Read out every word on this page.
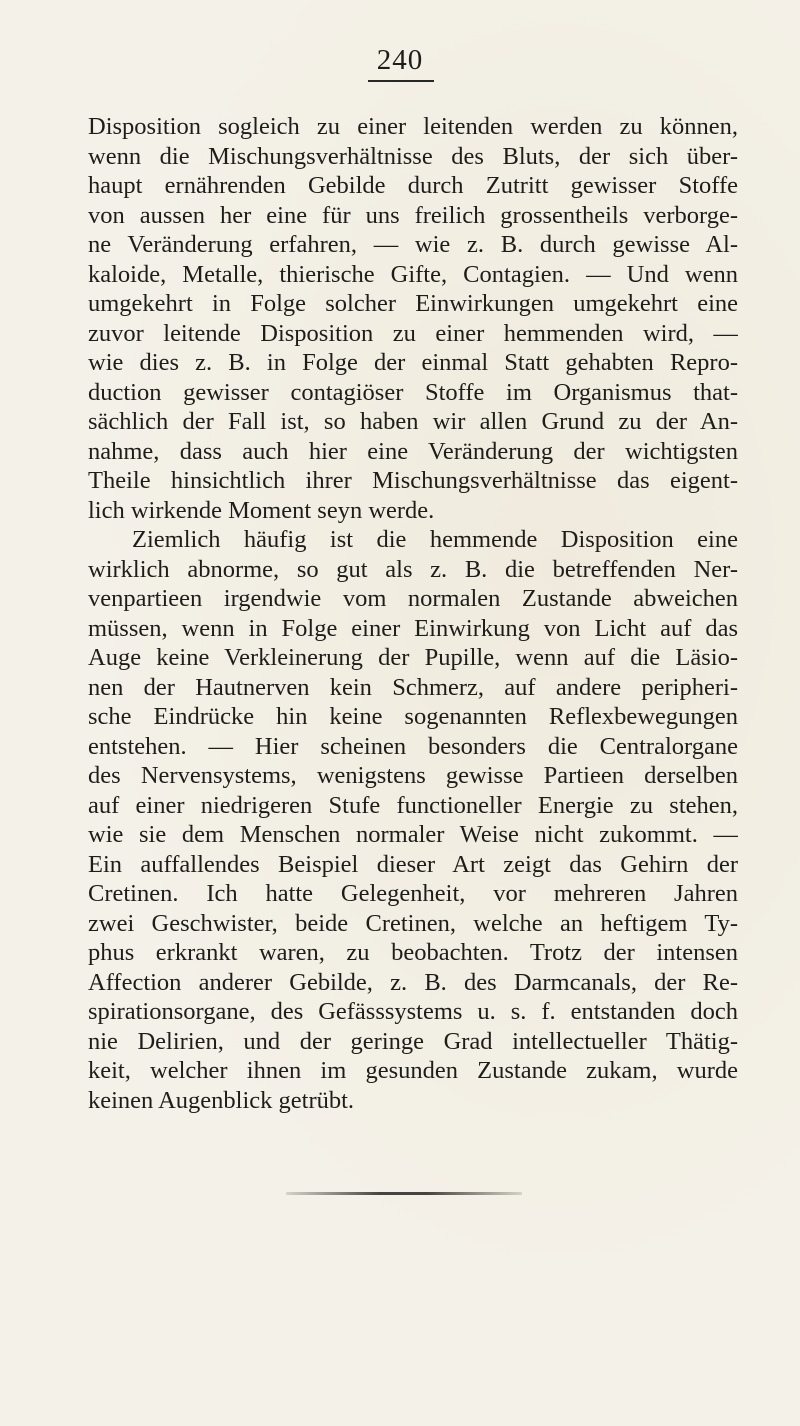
240
Disposition sogleich zu einer leitenden werden zu können,
wenn die Mischungsverhältnisse des Bluts, der sich über-
haupt ernährenden Gebilde durch Zutritt gewisser Stoffe
von aussen her eine für uns freilich grossentheils verborge-
ne Veränderung erfahren, — wie z. B. durch gewisse Al-
kaloide, Metalle, thierische Gifte, Contagien. — Und wenn
umgekehrt in Folge solcher Einwirkungen umgekehrt eine
zuvor leitende Disposition zu einer hemmenden wird, —
wie dies z. B. in Folge der einmal Statt gehabten Repro-
duction gewisser contagiöser Stoffe im Organismus that-
sächlich der Fall ist, so haben wir allen Grund zu der An-
nahme, dass auch hier eine Veränderung der wichtigsten
Theile hinsichtlich ihrer Mischungsverhältnisse das eigent-
lich wirkende Moment seyn werde.
Ziemlich häufig ist die hemmende Disposition eine
wirklich abnorme, so gut als z. B. die betreffenden Ner-
venpartieen irgendwie vom normalen Zustande abweichen
müssen, wenn in Folge einer Einwirkung von Licht auf das
Auge keine Verkleinerung der Pupille, wenn auf die Läsio-
nen der Hautnerven kein Schmerz, auf andere peripheri-
sche Eindrücke hin keine sogenannten Reflexbewegungen
entstehen. — Hier scheinen besonders die Centralorgane
des Nervensystems, wenigstens gewisse Partieen derselben
auf einer niedrigeren Stufe functioneller Energie zu stehen,
wie sie dem Menschen normaler Weise nicht zukommt. —
Ein auffallendes Beispiel dieser Art zeigt das Gehirn der
Cretinen. Ich hatte Gelegenheit, vor mehreren Jahren
zwei Geschwister, beide Cretinen, welche an heftigem Ty-
phus erkrankt waren, zu beobachten. Trotz der intensen
Affection anderer Gebilde, z. B. des Darmcanals, der Re-
spirationsorgane, des Gefässsystems u. s. f. entstanden doch
nie Delirien, und der geringe Grad intellectueller Thätig-
keit, welcher ihnen im gesunden Zustande zukam, wurde
keinen Augenblick getrübt.
